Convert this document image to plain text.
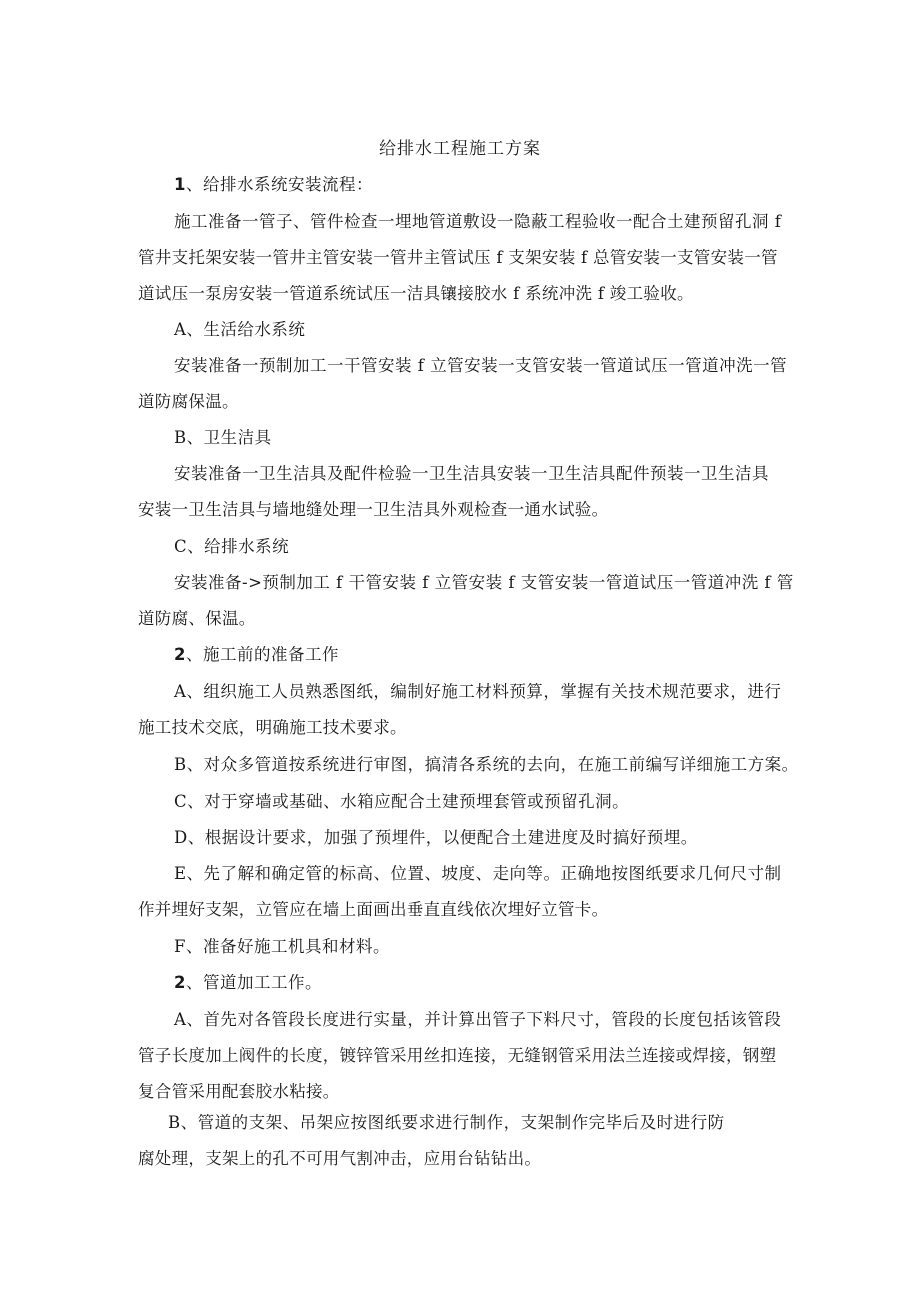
给排水工程施工方案
1、给排水系统安装流程：
施工准备一管子、管件检查一埋地管道敷设一隐蔽工程验收一配合土建预留孔洞 f
管井支托架安装一管井主管安装一管井主管试压 f 支架安装 f 总管安装一支管安装一管
道试压一泵房安装一管道系统试压一洁具镶接胶水 f 系统冲洗 f 竣工验收。
A、生活给水系统
安装准备一预制加工一干管安装 f 立管安装一支管安装一管道试压一管道冲洗一管
道防腐保温。
B、卫生洁具
安装准备一卫生洁具及配件检验一卫生洁具安装一卫生洁具配件预装一卫生洁具
安装一卫生洁具与墙地缝处理一卫生洁具外观检查一通水试验。
C、给排水系统
安装准备->预制加工 f 干管安装 f 立管安装 f 支管安装一管道试压一管道冲洗 f 管
道防腐、保温。
2、施工前的准备工作
A、组织施工人员熟悉图纸，编制好施工材料预算，掌握有关技术规范要求，进行
施工技术交底，明确施工技术要求。
B、对众多管道按系统进行审图，搞清各系统的去向，在施工前编写详细施工方案。
C、对于穿墙或基础、水箱应配合土建预埋套管或预留孔洞。
D、根据设计要求，加强了预埋件，以便配合土建进度及时搞好预埋。
E、先了解和确定管的标高、位置、坡度、走向等。正确地按图纸要求几何尺寸制
作并埋好支架，立管应在墙上面画出垂直直线依次埋好立管卡。
F、准备好施工机具和材料。
2、管道加工工作。
A、首先对各管段长度进行实量，并计算出管子下料尺寸，管段的长度包括该管段
管子长度加上阀件的长度，镀锌管采用丝扣连接，无缝钢管采用法兰连接或焊接，钢塑
复合管采用配套胶水粘接。
B、管道的支架、吊架应按图纸要求进行制作，支架制作完毕后及时进行防
腐处理，支架上的孔不可用气割冲击，应用台钻钻出。
